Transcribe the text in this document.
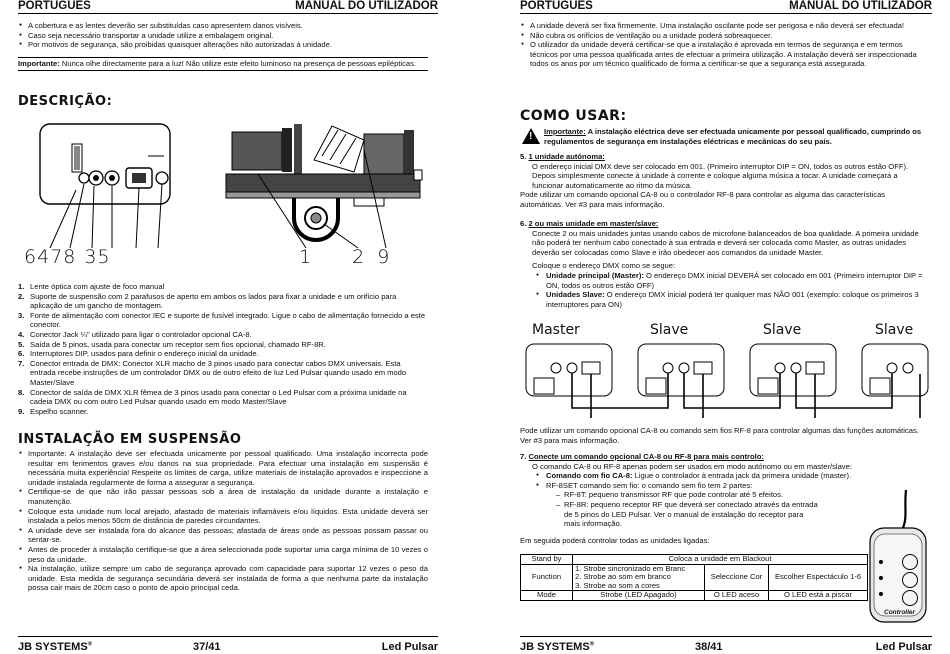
PORTUGUÊS	MANUAL DO UTILIZADOR
● A cobertura e as lentes deverão ser substituídas caso apresentem danos visíveis.
● Caso seja necessário transportar a unidade utilize a embalagem original.
● Por motivos de segurança, são proibidas quaisquer alterações não autorizadas à unidade.
Importante: Nunca olhe directamente para a luz! Não utilize este efeito luminoso na presença de pessoas epilépticas.
DESCRIÇÃO:
6 4 7 8 3 5	1 2 9
1. Lente óptica com ajuste de foco manual
2. Suporte de suspensão com 2 parafusos de aperto em ambos os lados para fixar a unidade e um orifício para aplicação de um gancho de montagem.
3. Fonte de alimentação com conector IEC e suporte de fusível integrado. Ligue o cabo de alimentação fornecido a este conector.
4. Conector Jack ¼" utilizado para ligar o controlador opcional CA-8.
5. Saída de 5 pinos, usada para conectar um receptor sem fios opcional, chamado RF-8R.
6. Interruptores DIP, usados para definir o endereço inicial da unidade.
7. Conector entrada de DMX: Conector XLR macho de 3 pinos usado para conectar cabos DMX universais. Esta entrada recebe instruções de um controlador DMX ou de outro efeito de luz Led Pulsar quando usado em modo Master/Slave
8. Conector de saída de DMX XLR fêmea de 3 pinos usado para conectar o Led Pulsar com a próxima unidade na cadeia DMX ou com outro Led Pulsar quando usado em modo Master/Slave
9. Espelho scanner.
INSTALAÇÃO EM SUSPENSÃO
● Importante: A instalação deve ser efectuada unicamente por pessoal qualificado. Uma instalação incorrecta pode resultar em ferimentos graves e/ou danos na sua propriedade. Para efectuar uma instalação em suspensão é necessária muita experiência! Respeite os limites de carga, utilize materiais de instalação aprovados e inspeccione a unidade instalada regularmente de forma a assegurar a segurança.
● Certifique-se de que não irão passar pessoas sob a área de instalação da unidade durante a instalação e manutenção.
● Coloque esta unidade num local arejado, afastado de materiais inflamáveis e/ou líquidos. Esta unidade deverá ser instalada a pelos menos 50cm de distância de paredes circundantes.
● A unidade deve ser instalada fora do alcance das pessoas; afastada de áreas onde as pessoas possam passar ou sentar-se.
● Antes de proceder à instalação certifique-se que a área seleccionada pode suportar uma carga mínima de 10 vezes o peso da unidade.
● Na instalação, utilize sempre um cabo de segurança aprovado com capacidade para suportar 12 vezes o peso da unidade. Esta medida de segurança secundária deverá ser instalada de forma a que nenhuma parte da instalação possa cair mais de 20cm caso o ponto de apoio principal ceda.
JB SYSTEMS®	37/41	Led Pulsar
PORTUGUÊS	MANUAL DO UTILIZADOR
● A unidade deverá ser fixa firmemente. Uma instalação oscilante pode ser perigosa e não deverá ser efectuada!
● Não cubra os orifícios de ventilação ou a unidade poderá sobreaquecer.
● O utilizador da unidade deverá certificar-se que a instalação é aprovada em termos de segurança e em termos técnicos por uma pessoa qualificada antes de efectuar a primeira utilização. A instalação deverá ser inspeccionada todos os anos por um técnico qualificado de forma a certificar-se que a segurança está assegurada.
COMO USAR:
! Importante: A instalação eléctrica deve ser efectuada unicamente por pessoal qualificado, cumprindo os regulamentos de segurança em instalações eléctricas e mecânicas do seu país.
5. 1 unidade autónoma:
O endereço inicial DMX deve ser colocado em 001. (Primeiro interruptor DIP = ON, todos os outros estão OFF). Depois simplesmente conecte à unidade à corrente e coloque alguma música a tocar. A unidade começará a funcionar automaticamente ao ritmo da música.
Pode utilizar um comando opcional CA-8 ou o controlador RF-8 para controlar as alguma das características automáticas. Ver #3 para mais informação.
6. 2 ou mais unidade em master/slave:
Conecte 2 ou mais unidades juntas usando cabos de microfone balanceados de boa qualidade. A primeira unidade não poderá ter nenhum cabo conectado à sua entrada e deverá ser colocada como Master, as outras unidades deverão ser colocadas como Slave e irão obedecer aos comandos da unidade Master.
Coloque o endereço DMX como se segue:
● Unidade principal (Master): O endereço DMX inicial DEVERÁ ser colocado em 001 (Primeiro interruptor DIP = ON, todos os outros estão OFF)
● Unidades Slave: O endereço DMX inicial poderá ter qualquer mas NÃO 001 (exemplo: coloque os primeiros 3 interruptores para ON)
Master	Slave	Slave	Slave
Pode utilizar um comando opcional CA-8 ou comando sem fios RF-8 para controlar algumas das funções automáticas. Ver #3 para mais informação.
7. Conecte um comando opcional CA-8 ou RF-8 para mais controlo:
O comando CA-8 ou RF-8 apenas podem ser usados em modo autónomo ou em master/slave:
● Comando com fio CA-8: Ligue o controlador à entrada jack da primeira unidade (master).
● RF-8SET comando sem fio: o comando sem fio tem 2 partes:
– RF-8T: pequeno transmissor RF que pode controlar até 5 efeitos.
– RF-8R: pequeno receptor RF que deverá ser conectado através da entrada de 5 pinos do LED Pulsar. Ver o manual de instalação do receptor para mais informação.
Em seguida poderá controlar todas as unidades ligadas:
Stand by	Coloca a unidade em Blackout		
Function	1. Strobe sincronizado em Branc
2. Strobe ao som em branco
3. Strobe ao som a cores	Seleccione Cor	Escolher Espectáculo 1-6
Mode	Strobe (LED Apagado)	O LED aceso	O LED está a piscar
Controller
JB SYSTEMS®	38/41	Led Pulsar
